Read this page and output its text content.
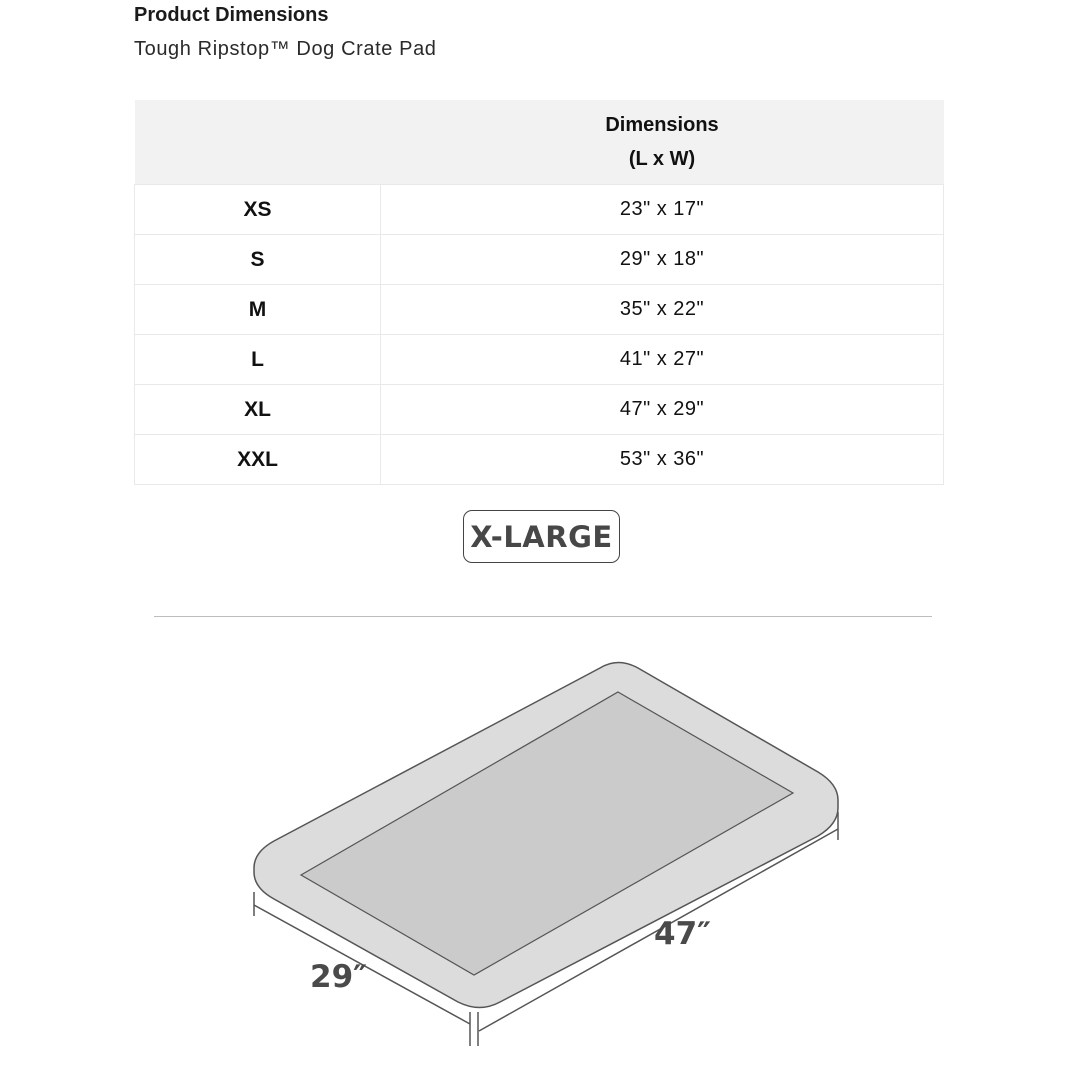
Product Dimensions
Tough Ripstop™ Dog Crate Pad
	Dimensions
(L x W)
XS	23" x 17"
S	29" x 18"
M	35" x 22"
L	41" x 27"
XL	47" x 29"
XXL	53" x 36"
X-LARGE
29″
47″
